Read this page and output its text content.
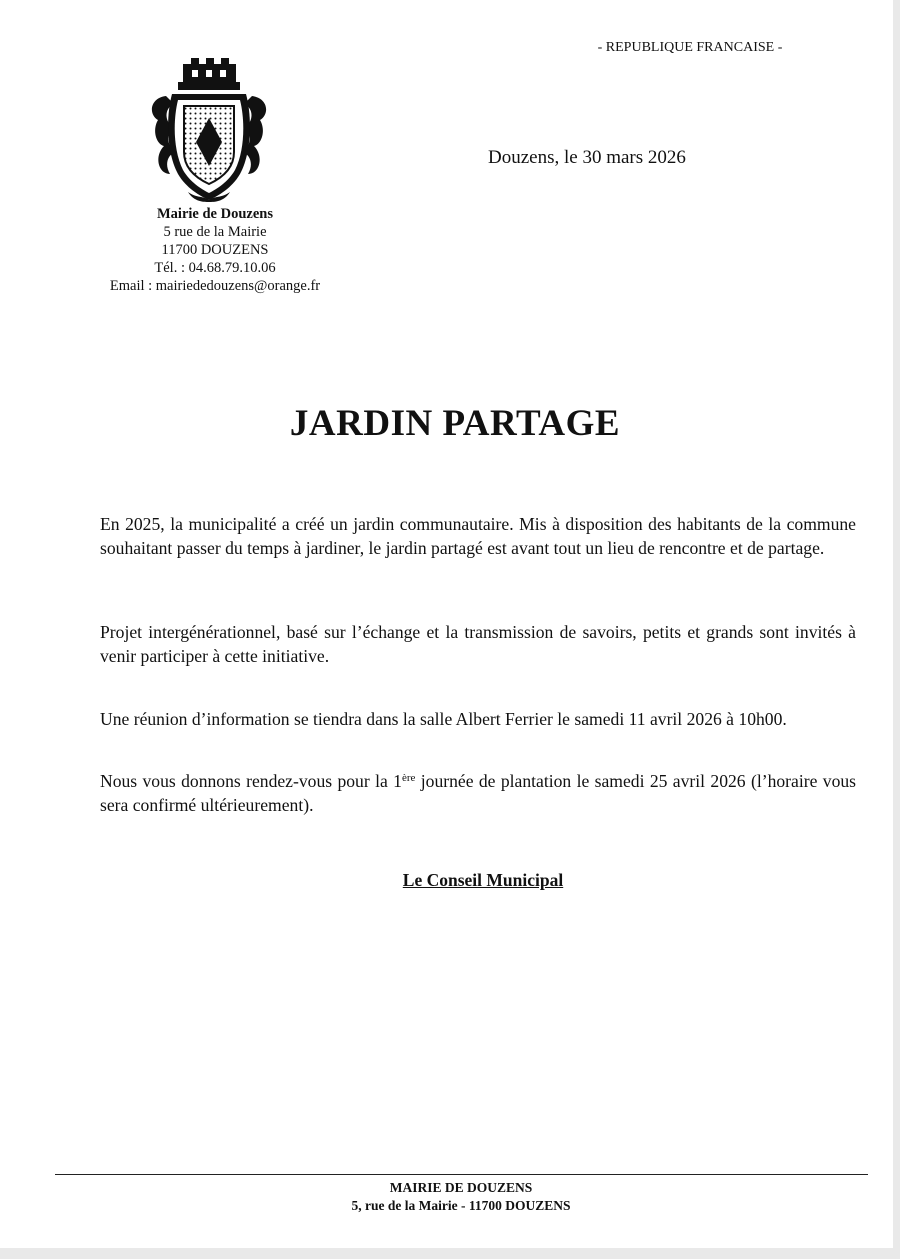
- REPUBLIQUE FRANCAISE -
Mairie de Douzens
5 rue de la Mairie
11700 DOUZENS
Tél. : 04.68.79.10.06
Email : mairiededouzens@orange.fr
Douzens, le 30 mars 2026
JARDIN PARTAGE
En 2025, la municipalité a créé un jardin communautaire. Mis à disposition des habitants de la commune souhaitant passer du temps à jardiner, le jardin partagé est avant tout un lieu de rencontre et de partage.
Projet intergénérationnel, basé sur l’échange et la transmission de savoirs, petits et grands sont invités à venir participer à cette initiative.
Une réunion d’information se tiendra dans la salle Albert Ferrier le samedi 11 avril 2026 à 10h00.
Nous vous donnons rendez-vous pour la 1ère journée de plantation le samedi 25 avril 2026 (l’horaire vous sera confirmé ultérieurement).
Le Conseil Municipal
MAIRIE DE DOUZENS
5, rue de la Mairie - 11700 DOUZENS
